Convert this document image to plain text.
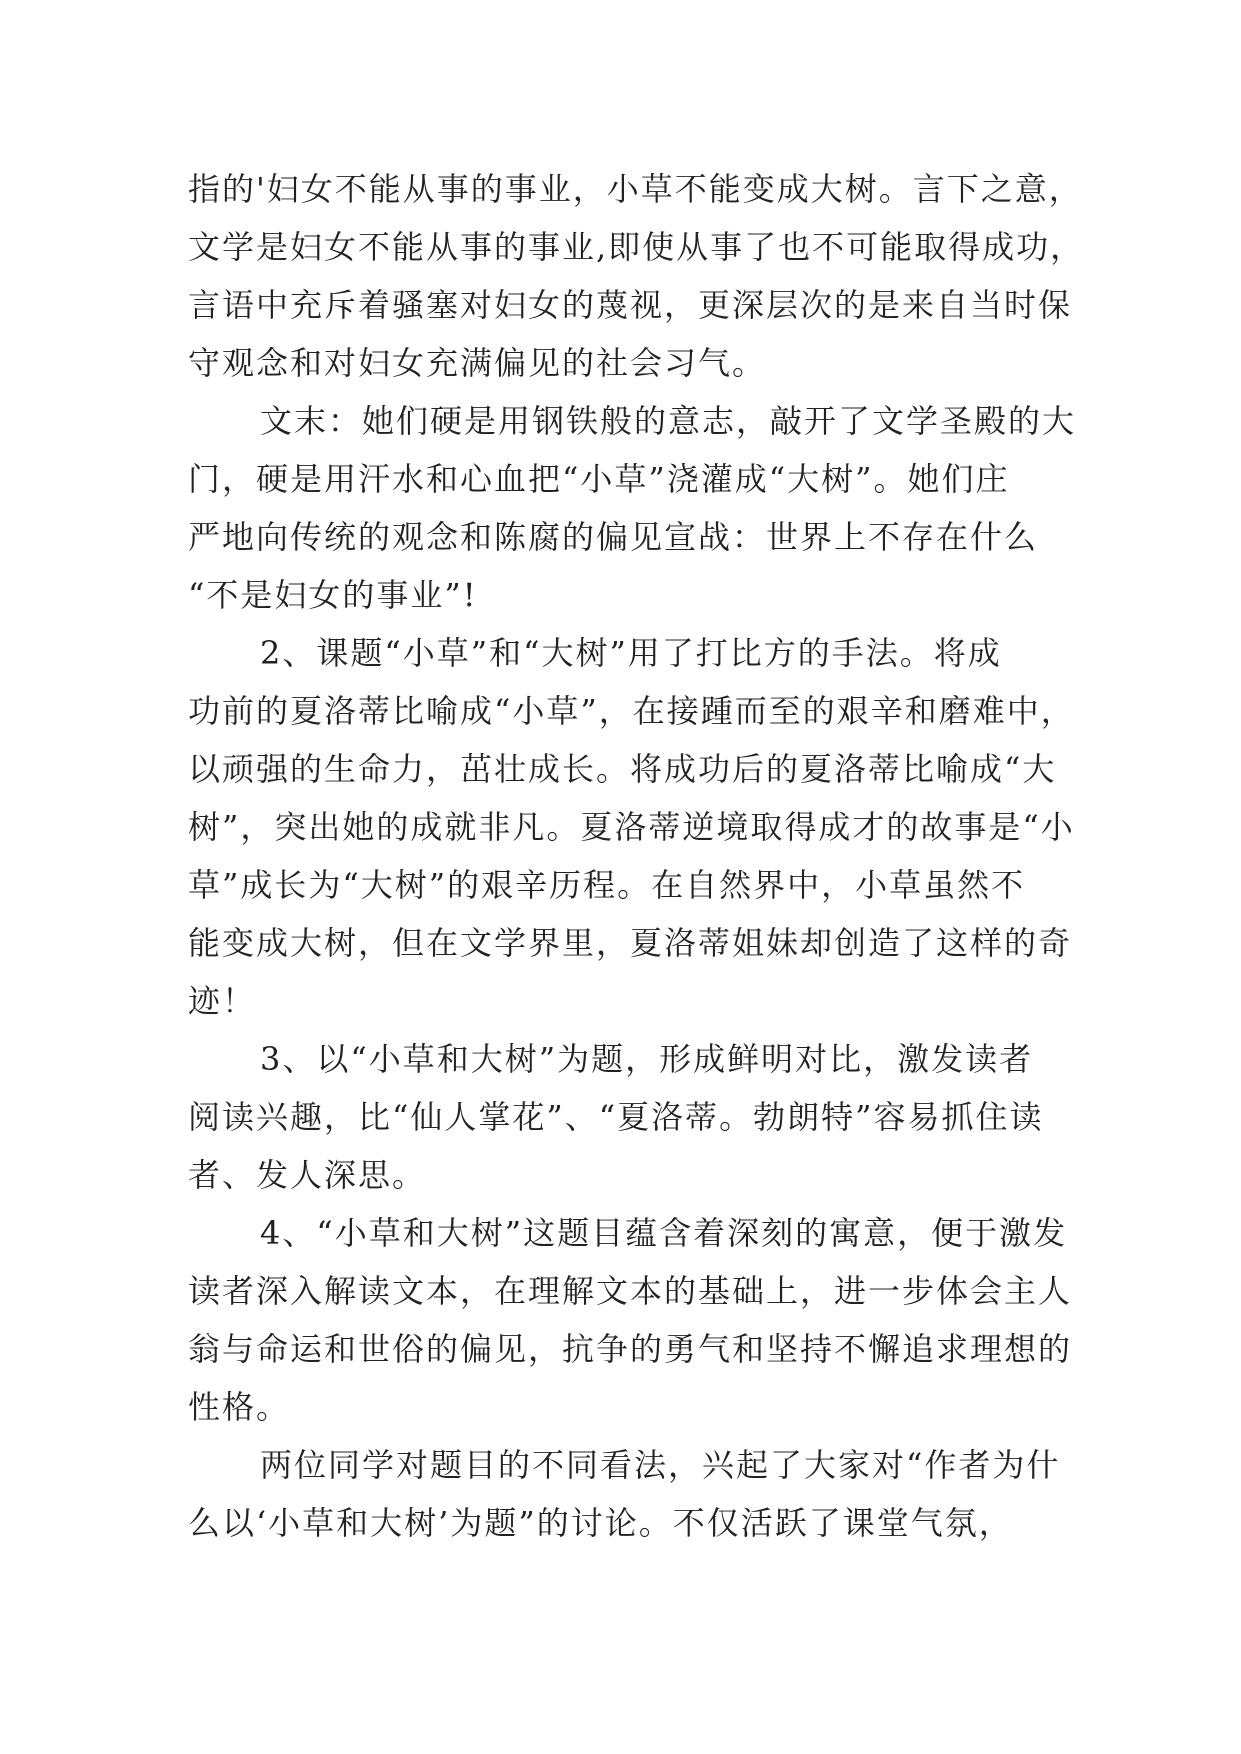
指的'妇女不能从事的事业，小草不能变成大树。言下之意，
文学是妇女不能从事的事业,即使从事了也不可能取得成功，
言语中充斥着骚塞对妇女的蔑视，更深层次的是来自当时保
守观念和对妇女充满偏见的社会习气。
文末：她们硬是用钢铁般的意志，敲开了文学圣殿的大
门，硬是用汗水和心血把“小草”浇灌成“大树”。她们庄
严地向传统的观念和陈腐的偏见宣战：世界上不存在什么
“不是妇女的事业”!
2、课题“小草”和“大树”用了打比方的手法。将成
功前的夏洛蒂比喻成“小草”，在接踵而至的艰辛和磨难中，
以顽强的生命力，茁壮成长。将成功后的夏洛蒂比喻成“大
树”，突出她的成就非凡。夏洛蒂逆境取得成才的故事是“小
草”成长为“大树”的艰辛历程。在自然界中，小草虽然不
能变成大树，但在文学界里，夏洛蒂姐妹却创造了这样的奇
迹！
3、以“小草和大树”为题，形成鲜明对比，激发读者
阅读兴趣，比“仙人掌花”、“夏洛蒂。勃朗特”容易抓住读
者、发人深思。
4、“小草和大树”这题目蕴含着深刻的寓意，便于激发
读者深入解读文本，在理解文本的基础上，进一步体会主人
翁与命运和世俗的偏见，抗争的勇气和坚持不懈追求理想的
性格。
两位同学对题目的不同看法，兴起了大家对“作者为什
么以‘小草和大树’为题”的讨论。不仅活跃了课堂气氛，
